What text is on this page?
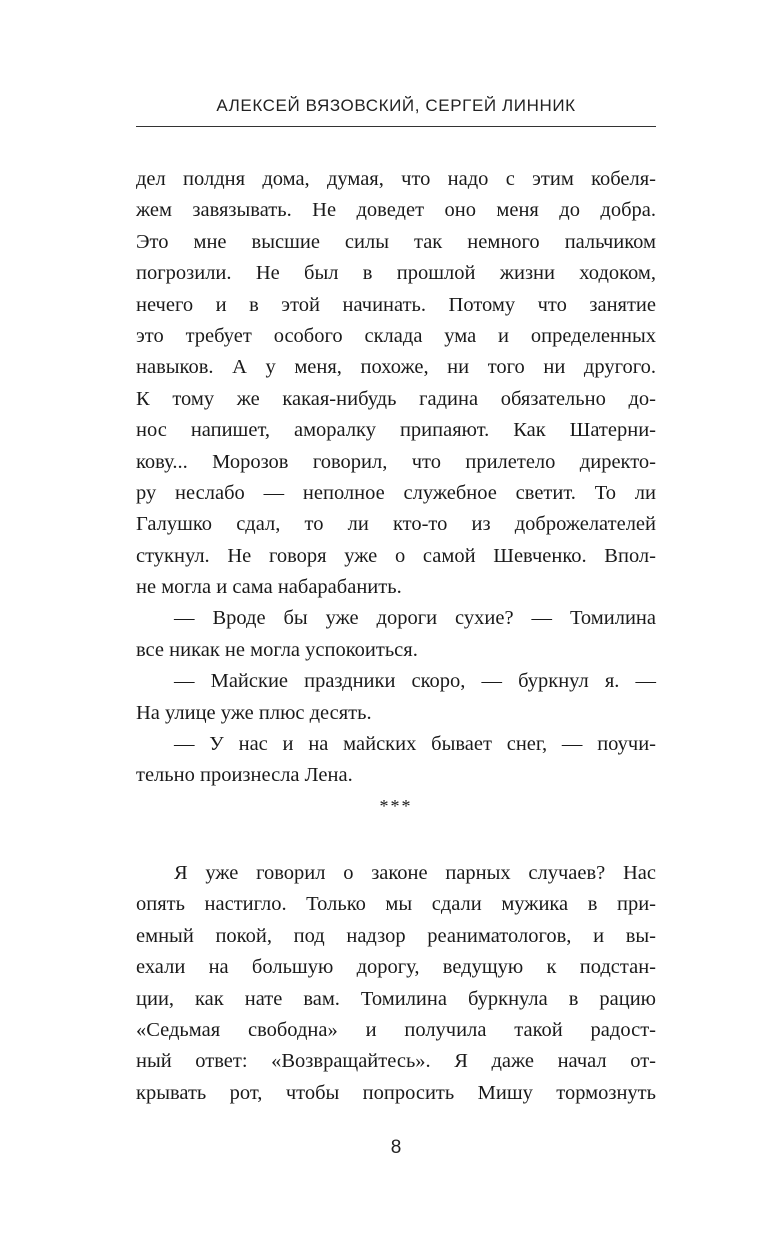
АЛЕКСЕЙ ВЯЗОВСКИЙ, СЕРГЕЙ ЛИННИК
дел полдня дома, думая, что надо с этим кобеля-
жем завязывать. Не доведет оно меня до добра.
Это мне высшие силы так немного пальчиком
погрозили. Не был в прошлой жизни ходоком,
нечего и в этой начинать. Потому что занятие
это требует особого склада ума и определенных
навыков. А у меня, похоже, ни того ни другого.
К тому же какая-нибудь гадина обязательно до-
нос напишет, аморалку припаяют. Как Шатерни-
кову... Морозов говорил, что прилетело директо-
ру неслабо — неполное служебное светит. То ли
Галушко сдал, то ли кто-то из доброжелателей
стукнул. Не говоря уже о самой Шевченко. Впол-
не могла и сама набарабанить.
— Вроде бы уже дороги сухие? — Томилина
все никак не могла успокоиться.
— Майские праздники скоро, — буркнул я. —
На улице уже плюс десять.
— У нас и на майских бывает снег, — поучи-
тельно произнесла Лена.
***
Я уже говорил о законе парных случаев? Нас
опять настигло. Только мы сдали мужика в при-
емный покой, под надзор реаниматологов, и вы-
ехали на большую дорогу, ведущую к подстан-
ции, как нате вам. Томилина буркнула в рацию
«Седьмая свободна» и получила такой радост-
ный ответ: «Возвращайтесь». Я даже начал от-
крывать рот, чтобы попросить Мишу тормознуть
8
